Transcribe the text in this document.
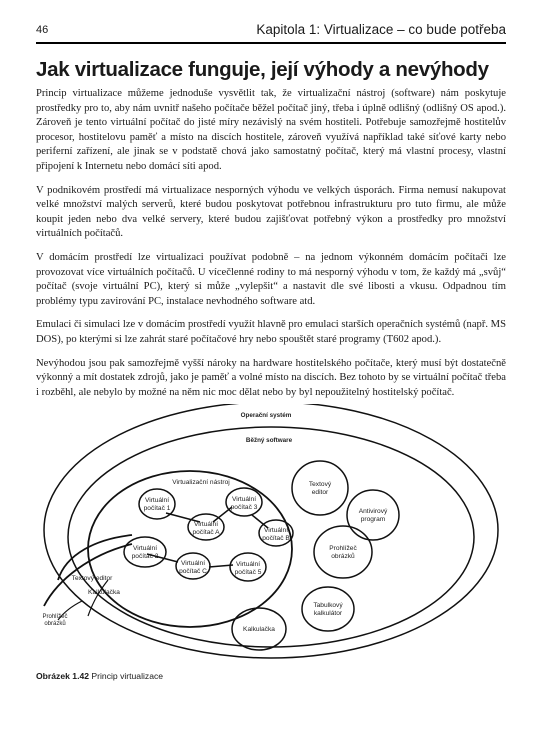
46	Kapitola 1: Virtualizace – co bude potřeba
Jak virtualizace funguje, její výhody a nevýhody

Princip virtualizace můžeme jednoduše vysvětlit tak, že virtualizační nástroj (software) nám poskytuje prostředky pro to, aby nám uvnitř našeho počítače běžel počítač jiný, třeba i úplně odlišný (odlišný OS apod.). Zároveň je tento virtuální počítač do jisté míry nezávislý na svém hostiteli. Potřebuje samozřejmě hostitelův procesor, hostitelovu paměť a místo na discích hostitele, zároveň využívá například také síťové karty nebo periferní zařízení, ale jinak se v podstatě chová jako samostatný počítač, který má vlastní procesy, vlastní připojení k Internetu nebo domácí síti apod.

V podnikovém prostředí má virtualizace nesporných výhodu ve velkých úsporách. Firma nemusí nakupovat velké množství malých serverů, které budou poskytovat potřebnou infrastrukturu pro tuto firmu, ale může koupit jeden nebo dva velké servery, které budou zajišťovat potřebný výkon a prostředky pro množství virtuálních počítačů.

V domácím prostředí lze virtualizaci používat podobně – na jednom výkonném domácím počítači lze provozovat více virtuálních počítačů. U vícečlenné rodiny to má nesporný výhodu v tom, že každý má „svůj“ počítač (svoje virtuální PC), který si může „vylepšit“ a nastavit dle své libosti a vkusu. Odpadnou tím problémy typu zavirování PC, instalace nevhodného software atd.

Emulaci či simulaci lze v domácím prostředí využít hlavně pro emulaci starších operačních systémů (např. MS DOS), po kterými si lze zahrát staré počítačové hry nebo spouštět staré programy (T602 apod.).

Nevýhodou jsou pak samozřejmě vyšší nároky na hardware hostitelského počítače, který musí být dostatečně výkonný a mít dostatek zdrojů, jako je paměť a volné místo na discích. Bez tohoto by se virtuální počítač třeba i rozběhl, ale nebylo by možné na něm nic moc dělat nebo by byl nepoužitelný hostitelský počítač.

Operační systém
Běžný software
Virtualizační nástroj
Virtuální
počítač 1
Virtuální
počítač 3
Virtuální
počítač A	Virtuální
počítač B
Virtuální
počítač 2
Virtuální
počítač C
Virtuální
počítač 5
Textový
editor
Antivirový
program
Prohlížeč
obrázků
Tabulkový
kalkulátor
Kalkulačka
Textový editor
Kalkulačka
Prohlížeč
obrázků
Obrázek 1.42 Princip virtualizace
